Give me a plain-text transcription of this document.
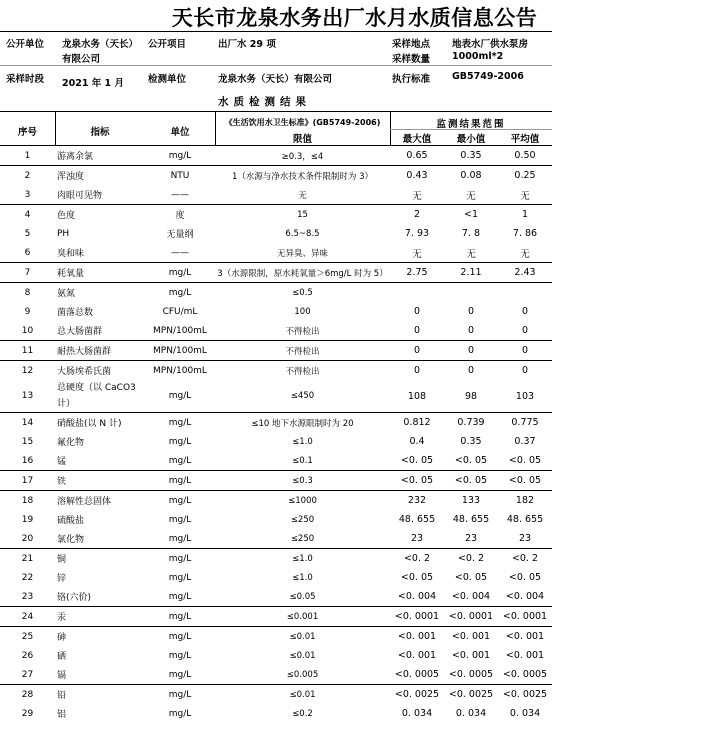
天长市龙泉水务出厂水月水质信息公告
公开单位 龙泉水务（天长）
有限公司
公开项目	出厂水 29 项	采样地点 地表水厂供水泵房
采样数量 1000ml*2
采样时段 2021 年 1 月	检测单位	龙泉水务（天长）有限公司	执行标准 GB5749-2006
水质检测结果
序号	指标	单位
《生活饮用水卫生标准》(GB5749-2006)
限值
监测结果范围
最大值	最小值	平均值
1	游离余氯	mg/L	≥0.3，≤4	0.65	0.35	0.50
2	浑浊度	NTU	1（水源与净水技术条件限制时为 3）	0.43	0.08	0.25
3	肉眼可见物	——	无	无	无	无
4	色度	度	15	2	<1	1
5	PH	无量纲	6.5~8.5	7. 93	7. 8	7. 86
6	臭和味	——	无异臭、异味	无	无	无
7	耗氧量	mg/L	3（水源限制，原水耗氧量＞6mg/L 时为 5）	2.75	2.11	2.43
8	氨氮	mg/L	≤0.5			
9	菌落总数	CFU/mL	100	0	0	0
10	总大肠菌群	MPN/100mL	不得检出	0	0	0
11	耐热大肠菌群	MPN/100mL	不得检出	0	0	0
12	大肠埃希氏菌	MPN/100mL	不得检出	0	0	0
13	总硬度（以 CaCO3 计）	mg/L	≤450	108	98	103
14	硝酸盐(以 N 计)	mg/L	≤10 地下水源限制时为 20	0.812	0.739	0.775
15	氟化物	mg/L	≤1.0	0.4	0.35	0.37
16	锰	mg/L	≤0.1	<0. 05	<0. 05	<0. 05
17	铁	mg/L	≤0.3	<0. 05	<0. 05	<0. 05
18	溶解性总固体	mg/L	≤1000	232	133	182
19	硫酸盐	mg/L	≤250	48. 655	48. 655	48. 655
20	氯化物	mg/L	≤250	23	23	23
21	铜	mg/L	≤1.0	<0. 2	<0. 2	<0. 2
22	锌	mg/L	≤1.0	<0. 05	<0. 05	<0. 05
23	铬(六价)	mg/L	≤0.05	<0. 004	<0. 004	<0. 004
24	汞	mg/L	≤0.001	<0. 0001	<0. 0001	<0. 0001
25	砷	mg/L	≤0.01	<0. 001	<0. 001	<0. 001
26	硒	mg/L	≤0.01	<0. 001	<0. 001	<0. 001
27	镉	mg/L	≤0.005	<0. 0005	<0. 0005	<0. 0005
28	铅	mg/L	≤0.01	<0. 0025	<0. 0025	<0. 0025
29	铝	mg/L	≤0.2	0. 034	0. 034	0. 034
